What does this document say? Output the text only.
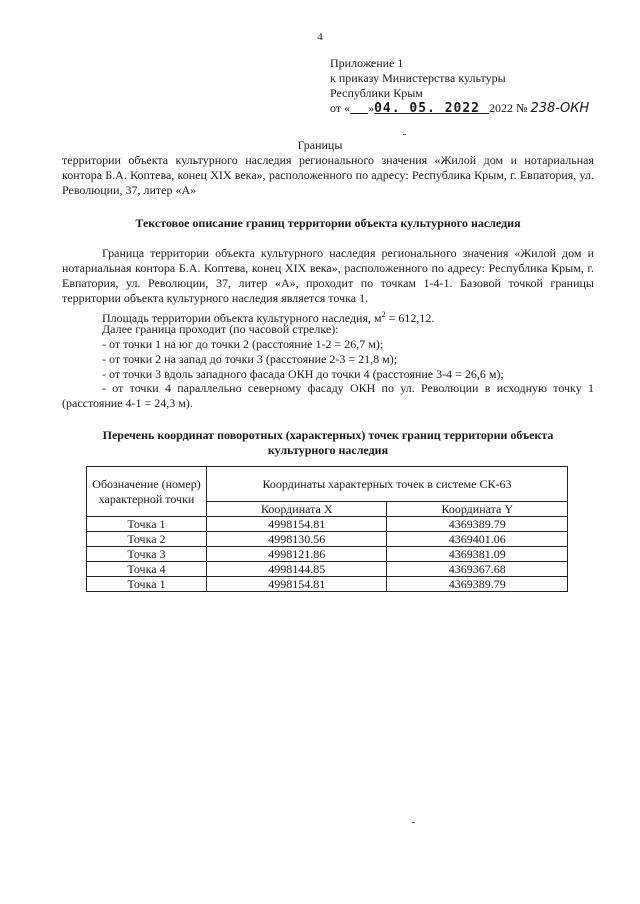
4
Приложение 1
к приказу Министерства культуры
Республики Крым
от «___»04. 05. 2022 2022 № 238-ОКН
Границы
территории объекта культурного наследия регионального значения «Жилой дом и нотариальная контора Б.А. Коптева, конец XIX века», расположенного по адресу: Республика Крым, г. Евпатория, ул. Революции, 37, литер «А»
Текстовое описание границ территории объекта культурного наследия
Граница территории объекта культурного наследия регионального значения «Жилой дом и нотариальная контора Б.А. Коптева, конец XIX века», расположенного по адресу: Республика Крым, г. Евпатория, ул. Революции, 37, литер «А», проходит по точкам 1-4-1. Базовой точкой границы территории объекта культурного наследия является точка 1.
Площадь территории объекта культурного наследия, $м^2 = 612,12$.
Далее граница проходит (по часовой стрелке):
- от точки 1 на юг до точки 2 (расстояние 1-2 = 26,7 м);
- от точки 2 на запад до точки 3 (расстояние 2-3 = 21,8 м);
- от точки 3 вдоль западного фасада ОКН до точки 4 (расстояние 3-4 = 26,6 м);
- от точки 4 параллельно северному фасаду ОКН по ул. Революции в исходную точку 1 (расстояние 4-1 = 24,3 м).
Перечень координат поворотных (характерных) точек границ территории объекта
культурного наследия
Обозначение (номер) характерной точки	Координаты характерных точек в системе СК-63	
	Координата X	Координата Y
Точка 1	4998154.81	4369389.79
Точка 2	4998130.56	4369401.06
Точка 3	4998121.86	4369381.09
Точка 4	4998144.85	4369367.68
Точка 1	4998154.81	4369389.79
